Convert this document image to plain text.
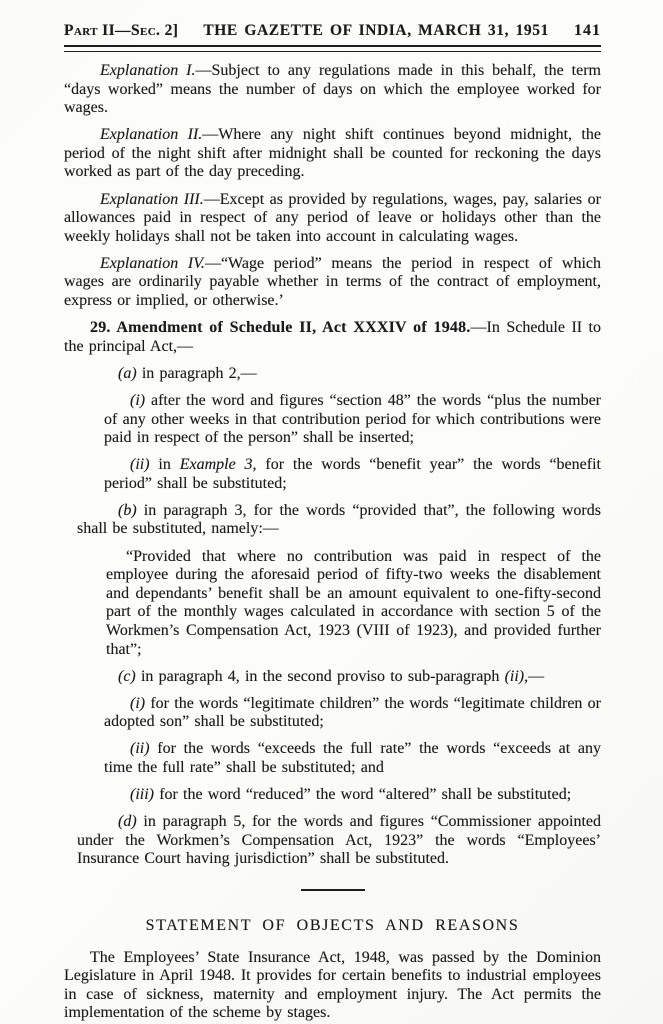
Part II—Sec. 2] THE GAZETTE OF INDIA, MARCH 31, 1951 141

Explanation I.—Subject to any regulations made in this behalf, the term “days worked” means the number of days on which the employee worked for wages.

Explanation II.—Where any night shift continues beyond midnight, the period of the night shift after midnight shall be counted for reckoning the days worked as part of the day preceding.

Explanation III.—Except as provided by regulations, wages, pay, salaries or allowances paid in respect of any period of leave or holidays other than the weekly holidays shall not be taken into account in calculating wages.

Explanation IV.—“Wage period” means the period in respect of which wages are ordinarily payable whether in terms of the contract of employment, express or implied, or otherwise.’

29. Amendment of Schedule II, Act XXXIV of 1948.—In Schedule II to the principal Act,—

(a) in paragraph 2,—

(i) after the word and figures “section 48” the words “plus the number of any other weeks in that contribution period for which contributions were paid in respect of the person” shall be inserted;

(ii) in Example 3, for the words “benefit year” the words “benefit period” shall be substituted;

(b) in paragraph 3, for the words “provided that”, the following words shall be substituted, namely:—

“Provided that where no contribution was paid in respect of the employee during the aforesaid period of fifty-two weeks the disablement and dependants’ benefit shall be an amount equivalent to one-fifty-second part of the monthly wages calculated in accordance with section 5 of the Workmen’s Compensation Act, 1923 (VIII of 1923), and provided further that”;

(c) in paragraph 4, in the second proviso to sub-paragraph (ii),—

(i) for the words “legitimate children” the words “legitimate children or adopted son” shall be substituted;

(ii) for the words “exceeds the full rate” the words “exceeds at any time the full rate” shall be substituted; and

(iii) for the word “reduced” the word “altered” shall be substituted;

(d) in paragraph 5, for the words and figures “Commissioner appointed under the Workmen’s Compensation Act, 1923” the words “Employees’ Insurance Court having jurisdiction” shall be substituted.

STATEMENT OF OBJECTS AND REASONS

The Employees’ State Insurance Act, 1948, was passed by the Dominion Legislature in April 1948. It provides for certain benefits to industrial employees in case of sickness, maternity and employment injury. The Act permits the implementation of the scheme by stages.
